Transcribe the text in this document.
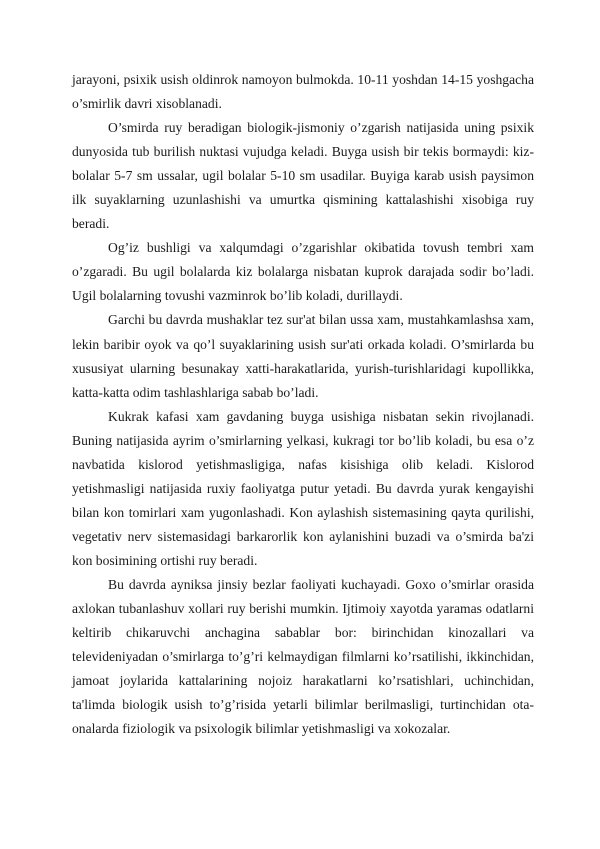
jarayoni, psixik usish oldinrok namoyon bulmokda. 10-11 yoshdan 14-15 yoshgacha o’smirlik davri xisoblanadi.

O’smirda ruy beradigan biologik-jismoniy o’zgarish natijasida uning psixik dunyosida tub burilish nuktasi vujudga keladi. Buyga usish bir tekis bormaydi: kiz-bolalar 5-7 sm ussalar, ugil bolalar 5-10 sm usadilar. Buyiga karab usish paysimon ilk suyaklarning uzunlashishi va umurtka qismining kattalashishi xisobiga ruy beradi.

Og’iz bushligi va xalqumdagi o’zgarishlar okibatida tovush tembri xam o’zgaradi. Bu ugil bolalarda kiz bolalarga nisbatan kuprok darajada sodir bo’ladi. Ugil bolalarning tovushi vazminrok bo’lib koladi, durillaydi.

Garchi bu davrda mushaklar tez sur'at bilan ussa xam, mustahkamlashsa xam, lekin baribir oyok va qo’l suyaklarining usish sur'ati orkada koladi. O’smirlarda bu xususiyat ularning besunakay xatti-harakatlarida, yurish-turishlaridagi kupollikka, katta-katta odim tashlashlariga sabab bo’ladi.

Kukrak kafasi xam gavdaning buyga usishiga nisbatan sekin rivojlanadi. Buning natijasida ayrim o’smirlarning yelkasi, kukragi tor bo’lib koladi, bu esa o’z navbatida kislorod yetishmasligiga, nafas kisishiga olib keladi. Kislorod yetishmasligi natijasida ruxiy faoliyatga putur yetadi. Bu davrda yurak kengayishi bilan kon tomirlari xam yugonlashadi. Kon aylashish sistemasining qayta qurilishi, vegetativ nerv sistemasidagi barkarorlik kon aylanishini buzadi va o’smirda ba'zi kon bosimining ortishi ruy beradi.

Bu davrda ayniksa jinsiy bezlar faoliyati kuchayadi. Goxo o’smirlar orasida axlokan tubanlashuv xollari ruy berishi mumkin. Ijtimoiy xayotda yaramas odatlarni keltirib chikaruvchi anchagina sabablar bor: birinchidan kinozallari va televideniyadan o’smirlarga to’g’ri kelmaydigan filmlarni ko’rsatilishi, ikkinchidan, jamoat joylarida kattalarining nojoiz harakatlarni ko’rsatishlari, uchinchidan, ta'limda biologik usish to’g’risida yetarli bilimlar berilmasligi, turtinchidan ota-onalarda fiziologik va psixologik bilimlar yetishmasligi va xokozalar.
